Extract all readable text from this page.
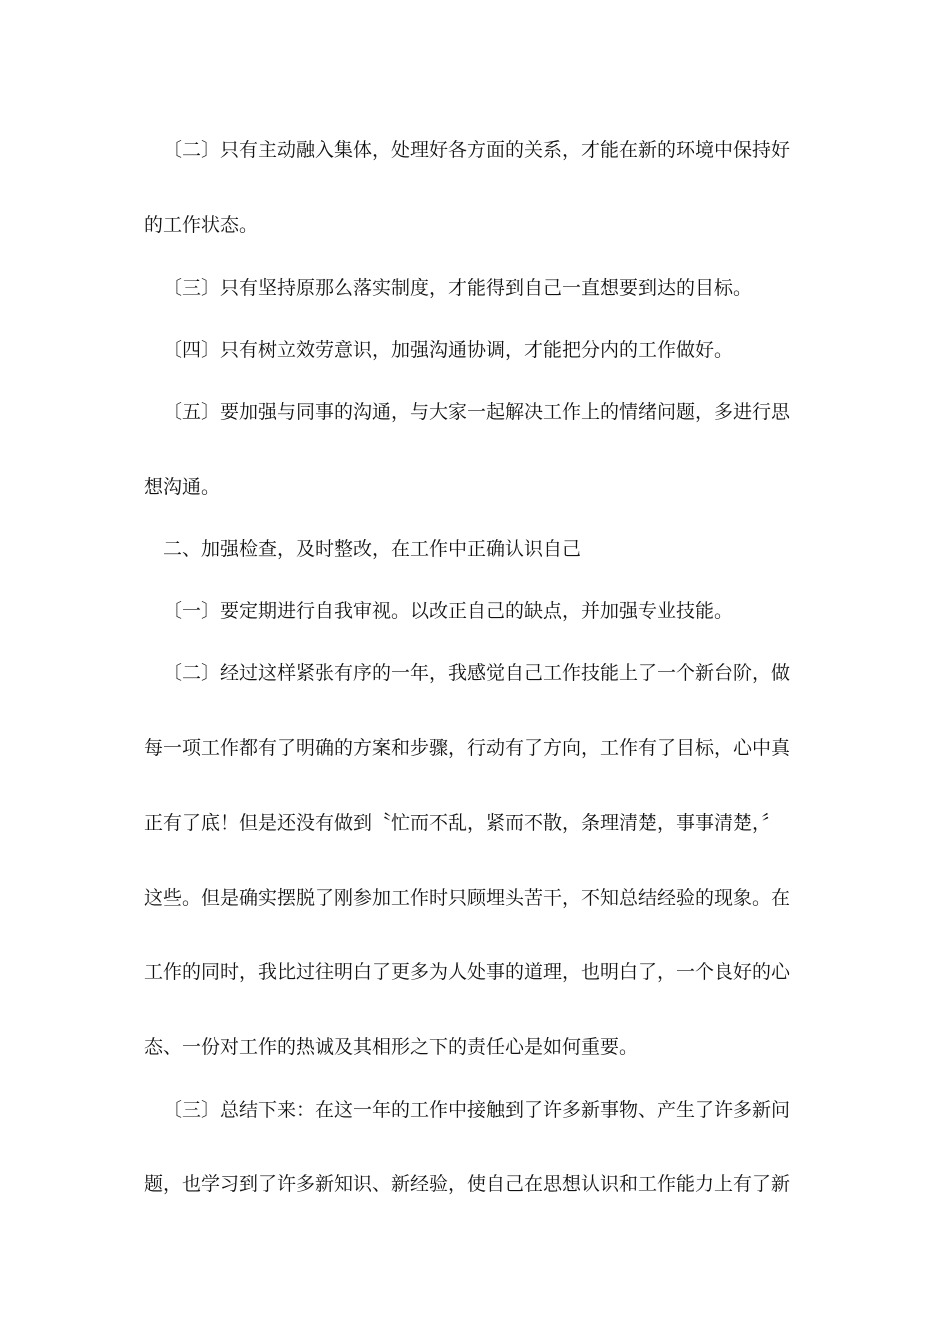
〔二〕只有主动融入集体，处理好各方面的关系，才能在新的环境中保持好
的工作状态。
〔三〕只有坚持原那么落实制度，才能得到自己一直想要到达的目标。
〔四〕只有树立效劳意识，加强沟通协调，才能把分内的工作做好。
〔五〕要加强与同事的沟通，与大家一起解决工作上的情绪问题，多进行思
想沟通。
二、加强检查，及时整改，在工作中正确认识自己
〔一〕要定期进行自我审视。以改正自己的缺点，并加强专业技能。
〔二〕经过这样紧张有序的一年，我感觉自己工作技能上了一个新台阶，做
每一项工作都有了明确的方案和步骤，行动有了方向，工作有了目标，心中真
正有了底！但是还没有做到〝忙而不乱，紧而不散，条理清楚，事事清楚，〞
这些。但是确实摆脱了刚参加工作时只顾埋头苦干，不知总结经验的现象。在
工作的同时，我比过往明白了更多为人处事的道理，也明白了，一个良好的心
态、一份对工作的热诚及其相形之下的责任心是如何重要。
〔三〕总结下来：在这一年的工作中接触到了许多新事物、产生了许多新问
题，也学习到了许多新知识、新经验，使自己在思想认识和工作能力上有了新
